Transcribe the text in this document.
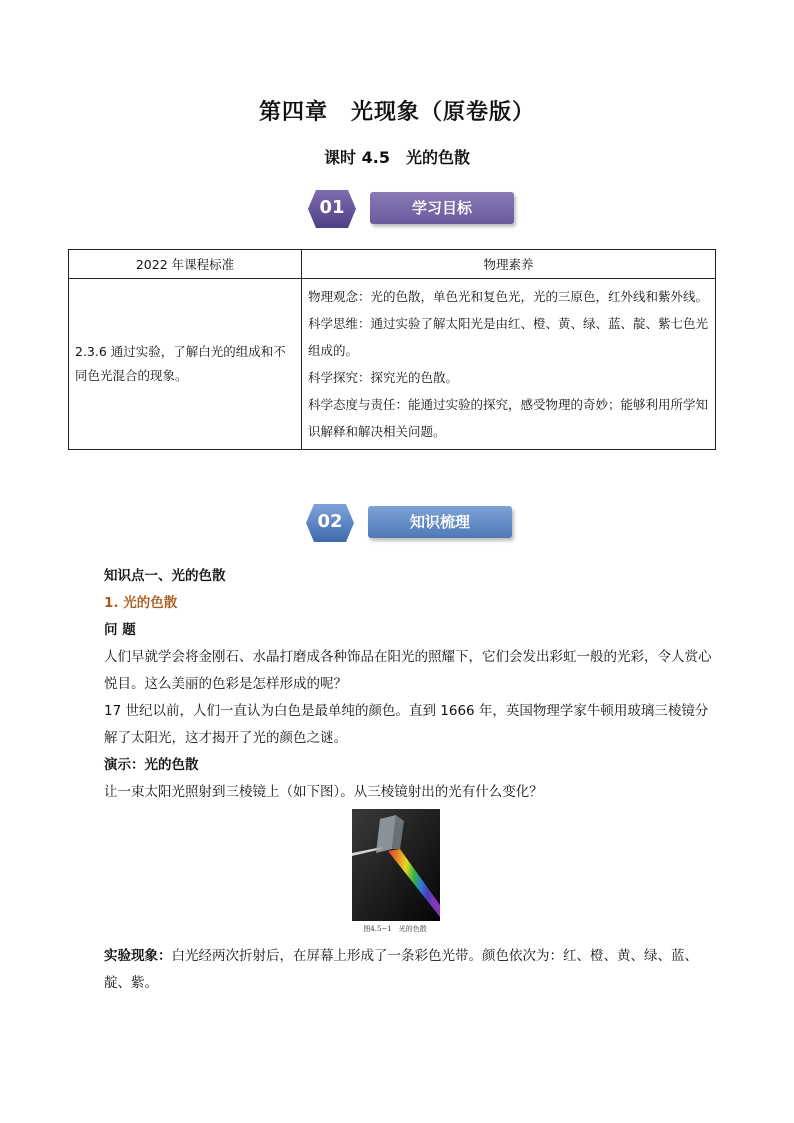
第四章　光现象（原卷版）
课时 4.5　光的色散
01	学习目标
2022 年课程标准	物理素养
2.3.6 通过实验，了解白光的组成和不同色光混合的现象。	物理观念：光的色散，单色光和复色光，光的三原色，红外线和紫外线。

科学思维：通过实验了解太阳光是由红、橙、黄、绿、蓝、靛、紫七色光组成的。

科学探究：探究光的色散。

科学态度与责任：能通过实验的探究，感受物理的奇妙；能够利用所学知识解释和解决相关问题。

02	知识梳理

知识点一、光的色散

1. 光的色散

问 题

人们早就学会将金刚石、水晶打磨成各种饰品在阳光的照耀下，它们会发出彩虹一般的光彩，令人赏心悦目。这么美丽的色彩是怎样形成的呢？

17 世纪以前，人们一直认为白色是最单纯的颜色。直到 1666 年，英国物理学家牛顿用玻璃三棱镜分解了太阳光，这才揭开了光的颜色之谜。

演示：光的色散

让一束太阳光照射到三棱镜上（如下图）。从三棱镜射出的光有什么变化？

图4.5−1　光的色散

实验现象：白光经两次折射后，在屏幕上形成了一条彩色光带。颜色依次为：红、橙、黄、绿、蓝、靛、紫。
